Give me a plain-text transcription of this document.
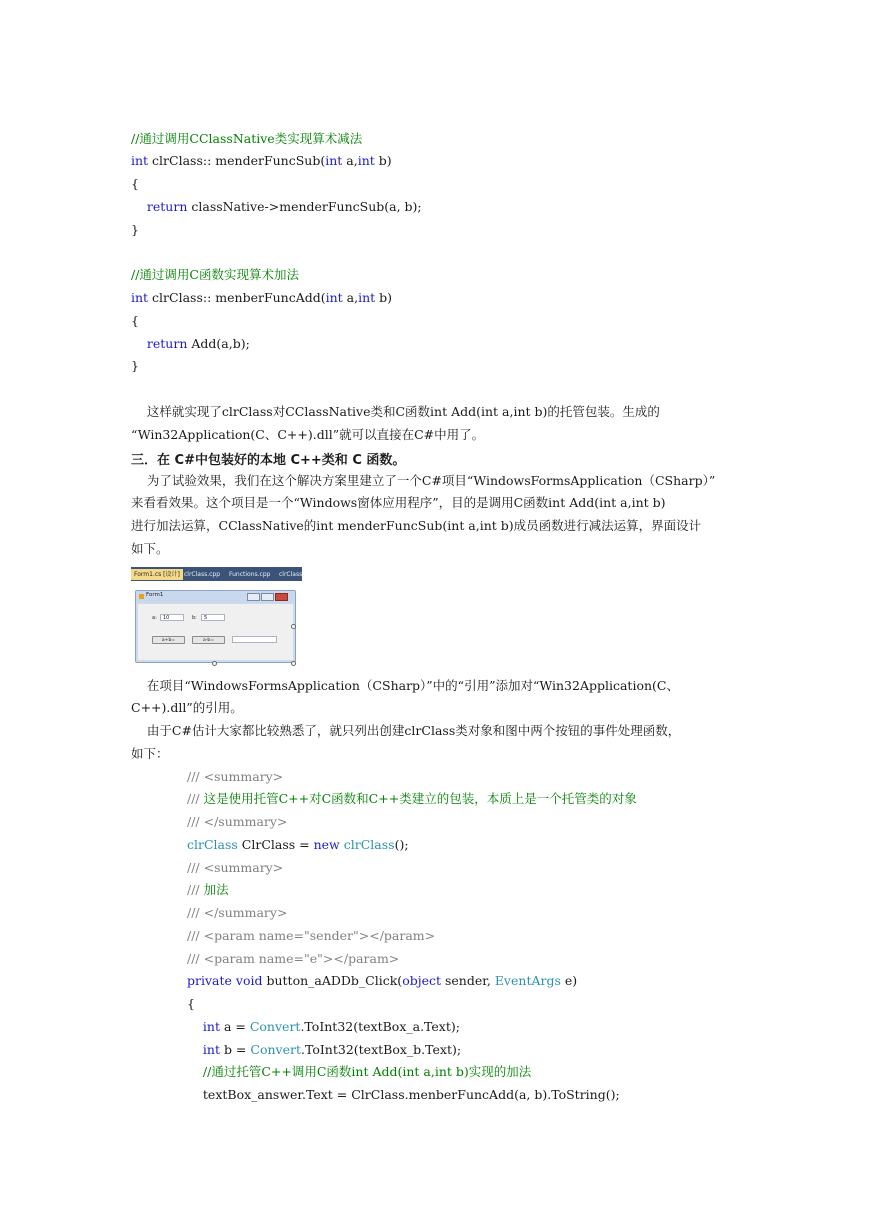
//通过调用CClassNative类实现算术减法
int clrClass:: menderFuncSub(int a,int b)
{
return classNative->menderFuncSub(a, b);
}
//通过调用C函数实现算术加法
int clrClass:: menberFuncAdd(int a,int b)
{
return Add(a,b);
}
这样就实现了clrClass对CClassNative类和C函数int Add(int a,int b)的托管包装。生成的
“Win32Application(C、C++).dll”就可以直接在C#中用了。
三．在 C#中包装好的本地 C++类和 C 函数。
为了试验效果，我们在这个解决方案里建立了一个C#项目“WindowsFormsApplication（CSharp）”
来看看效果。这个项目是一个“Windows窗体应用程序”，目的是调用C函数int Add(int a,int b)
进行加法运算，CClassNative的int menderFuncSub(int a,int b)成员函数进行减法运算，界面设计
如下。
Form1.cs [设计] clrClass.cpp	Functions.cpp	clrClass.
Form1
a:	10	b:	5
a+b=	a-b=
在项目“WindowsFormsApplication（CSharp）”中的“引用”添加对“Win32Application(C、
C++).dll”的引用。
由于C#估计大家都比较熟悉了，就只列出创建clrClass类对象和图中两个按钮的事件处理函数，
如下：
/// <summary>
/// 这是使用托管C++对C函数和C++类建立的包装，本质上是一个托管类的对象
/// </summary>
clrClass ClrClass = new clrClass();
/// <summary>
/// 加法
/// </summary>
/// <param name="sender"></param>
/// <param name="e"></param>
private void button_aADDb_Click(object sender, EventArgs e)
{
int a = Convert.ToInt32(textBox_a.Text);
int b = Convert.ToInt32(textBox_b.Text);
//通过托管C++调用C函数int Add(int a,int b)实现的加法
textBox_answer.Text = ClrClass.menberFuncAdd(a, b).ToString();
